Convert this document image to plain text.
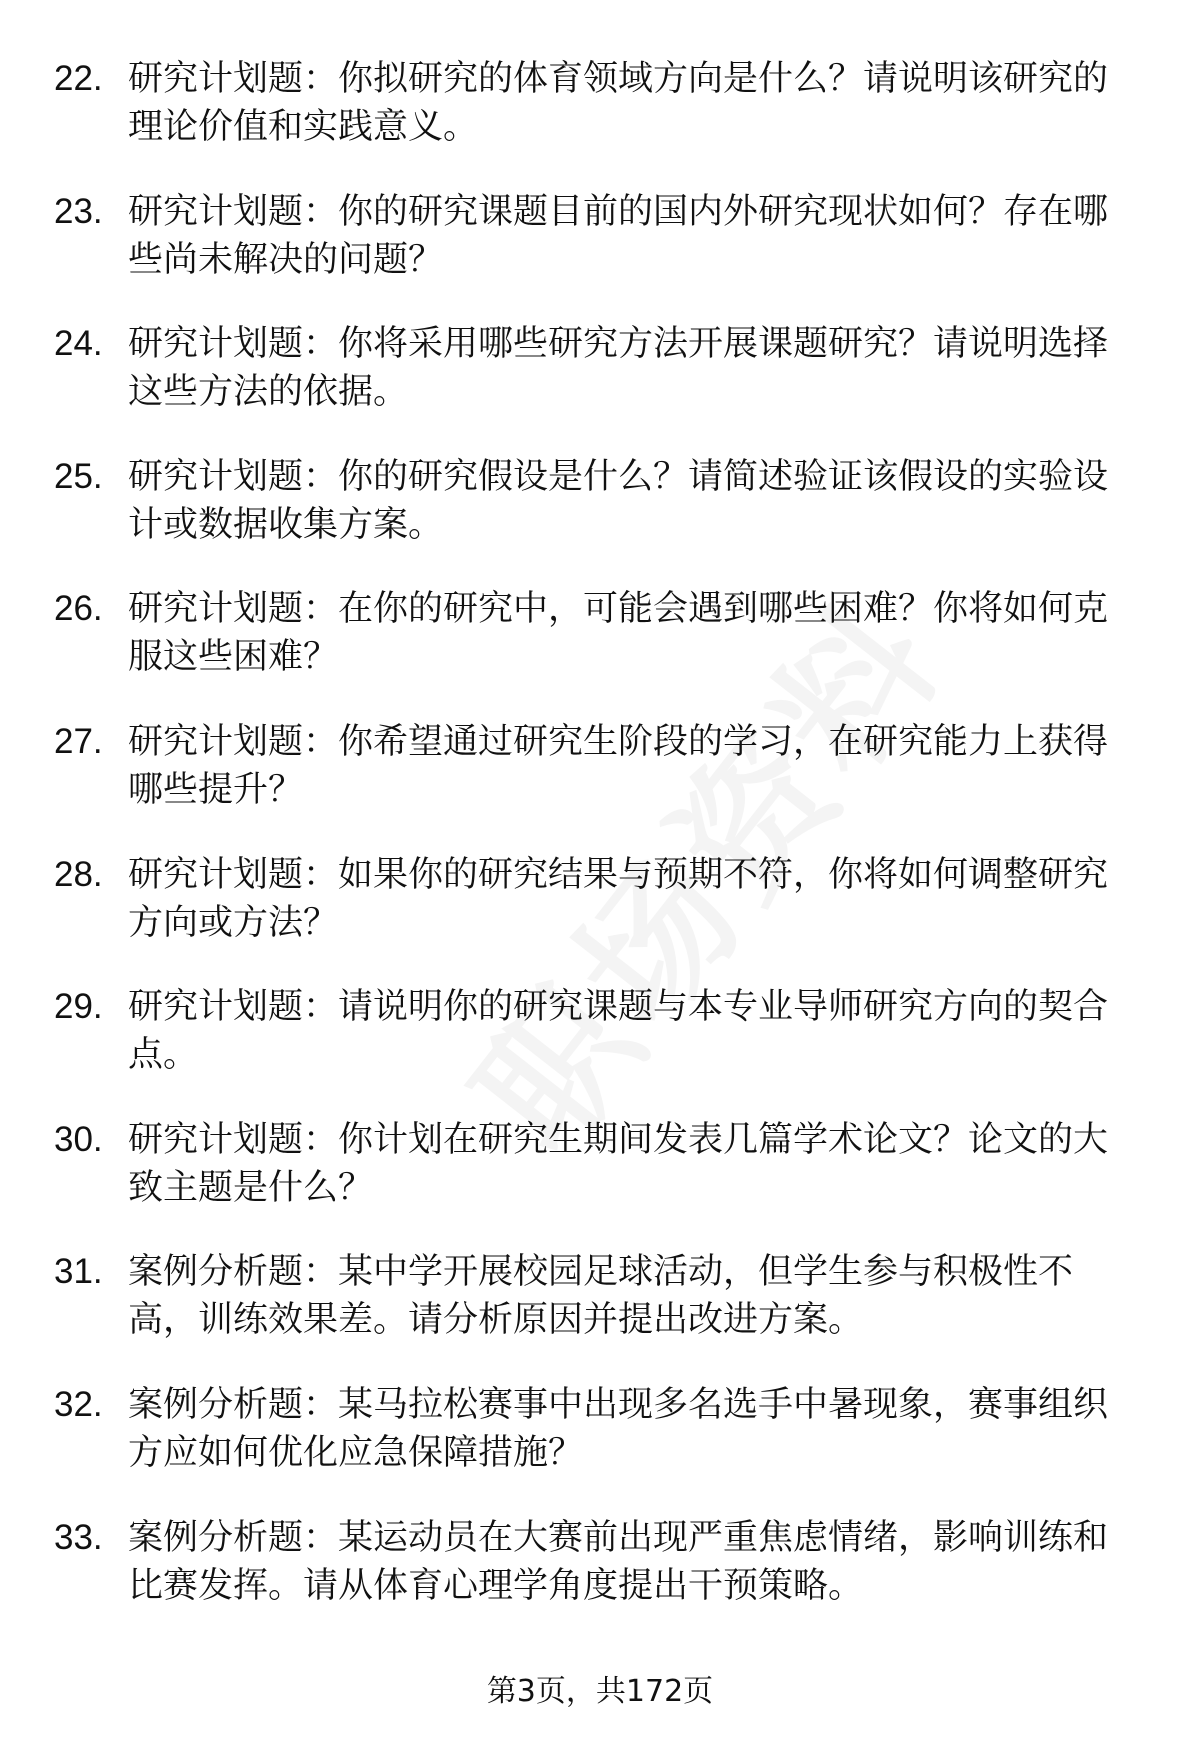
22. 研究计划题：你拟研究的体育领域方向是什么？请说明该研究的
理论价值和实践意义。
23. 研究计划题：你的研究课题目前的国内外研究现状如何？存在哪
些尚未解决的问题？
24. 研究计划题：你将采用哪些研究方法开展课题研究？请说明选择
这些方法的依据。
25. 研究计划题：你的研究假设是什么？请简述验证该假设的实验设
计或数据收集方案。
26. 研究计划题：在你的研究中，可能会遇到哪些困难？你将如何克
服这些困难？
27. 研究计划题：你希望通过研究生阶段的学习，在研究能力上获得
哪些提升？
28. 研究计划题：如果你的研究结果与预期不符，你将如何调整研究
方向或方法？
29. 研究计划题：请说明你的研究课题与本专业导师研究方向的契合
点。
30. 研究计划题：你计划在研究生期间发表几篇学术论文？论文的大
致主题是什么？
31. 案例分析题：某中学开展校园足球活动，但学生参与积极性不
高，训练效果差。请分析原因并提出改进方案。
32. 案例分析题：某马拉松赛事中出现多名选手中暑现象，赛事组织
方应如何优化应急保障措施？
33. 案例分析题：某运动员在大赛前出现严重焦虑情绪，影响训练和
比赛发挥。请从体育心理学角度提出干预策略。
第3页，共172页
